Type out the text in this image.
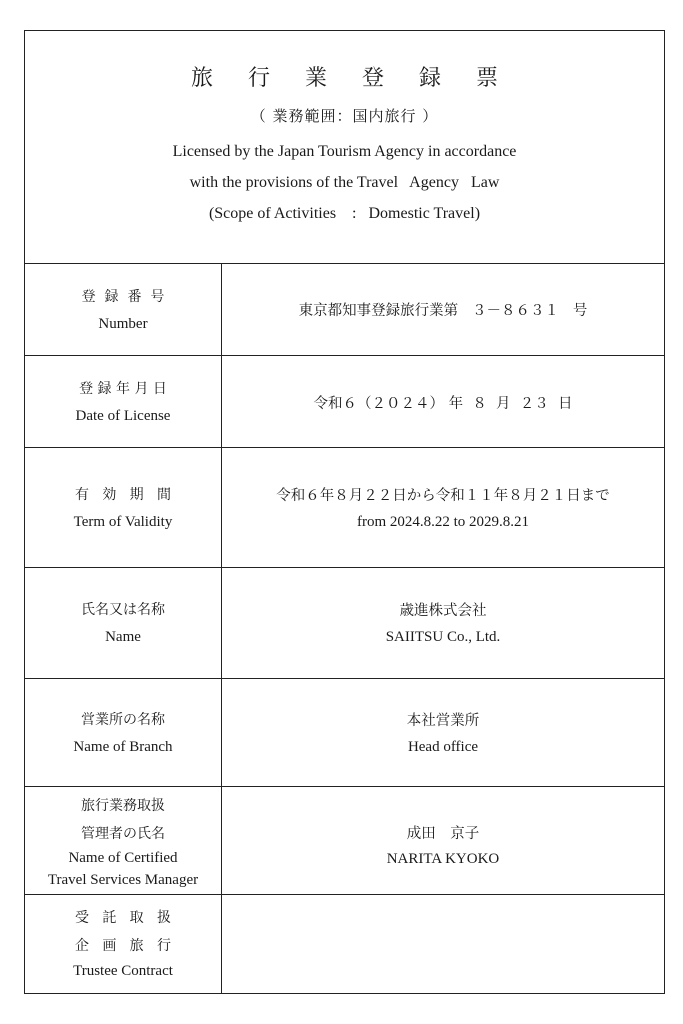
旅 行 業 登 録 票
（ 業務範囲：国内旅行 ）
Licensed by the Japan Tourism Agency in accordance
with the provisions of the Travel   Agency   Law
(Scope of Activities    :   Domestic Travel)
登  録  番  号
Number
東京都知事登録旅行業第   ３－８６３１   号
登 録 年 月 日
Date of License
令和６（２０２４） 年  ８  月  ２３  日
有   効   期   間
Term of Validity
令和６年８月２２日から令和１１年８月２１日まで
from 2024.8.22 to 2029.8.21
氏名又は名称
Name
歳進株式会社
SAIITSU Co., Ltd.
営業所の名称
Name of Branch
本社営業所
Head office
旅行業務取扱
管理者の氏名
Name of Certified
Travel Services Manager
成田　京子
NARITA KYOKO
受   託   取   扱
企   画   旅   行
Trustee Contract
